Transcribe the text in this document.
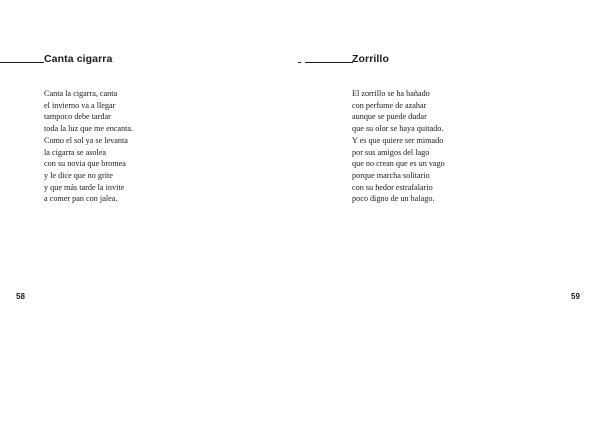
Canta cigarra
Canta la cigarra, canta
el invierno va a llegar
tampoco debe tardar
toda la luz que me encanta.
Como el sol ya se levanta
la cigarra se asolea
con su novia que bromea
y le dice que no grite
y que más tarde la invite
a comer pan con jalea.
58
Zorrillo
El zorrillo se ha bañado
con perfume de azahar
aunque se puede dudar
que su olor se haya quitado.
Y es que quiere ser mimado
por sus amigos del lago
que no crean que es un vago
porque marcha solitario
con su hedor estrafalario
poco digno de un halago.
59
